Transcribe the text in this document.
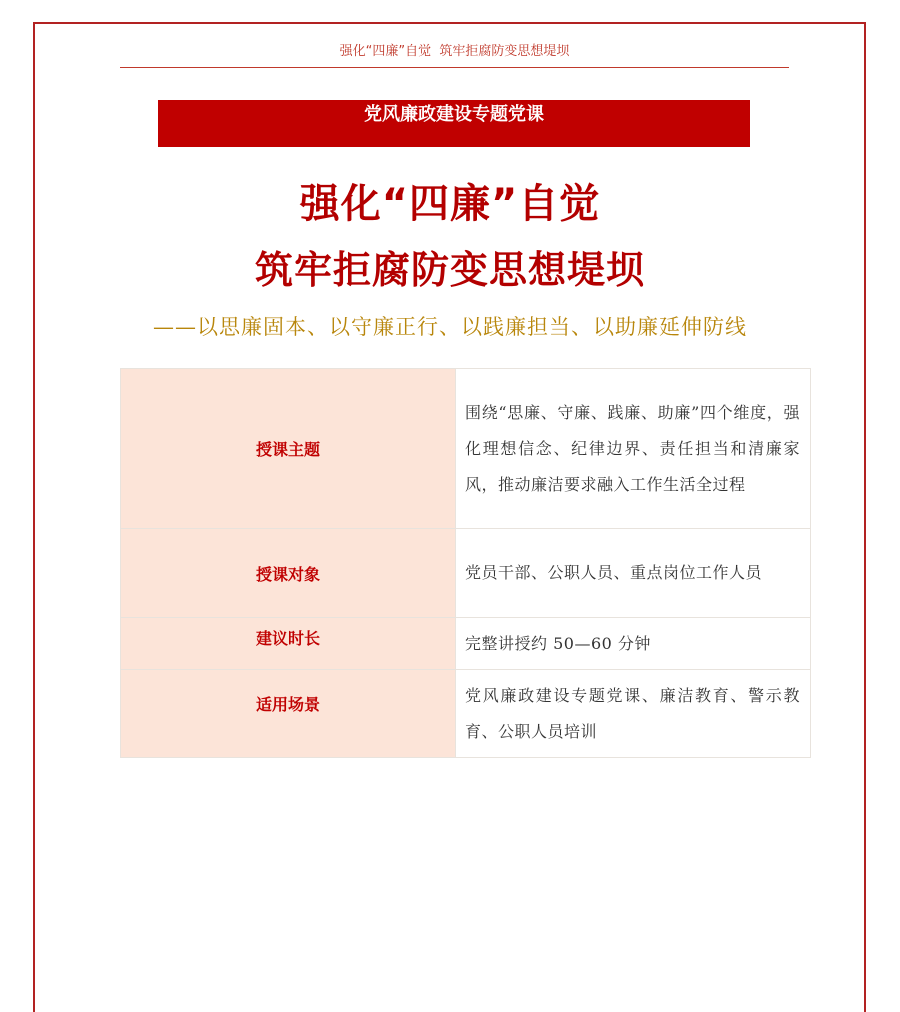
强化“四廉”自觉  筑牢拒腐防变思想堤坝
党风廉政建设专题党课
强化“四廉”自觉
筑牢拒腐防变思想堤坝
——以思廉固本、以守廉正行、以践廉担当、以助廉延伸防线
授课主题	围绕“思廉、守廉、践廉、助廉”四个维度，强化理想信念、纪律边界、责任担当和清廉家风，推动廉洁要求融入工作生活全过程
授课对象	党员干部、公职人员、重点岗位工作人员
建议时长	完整讲授约 50—60 分钟
适用场景	党风廉政建设专题党课、廉洁教育、警示教育、公职人员培训
